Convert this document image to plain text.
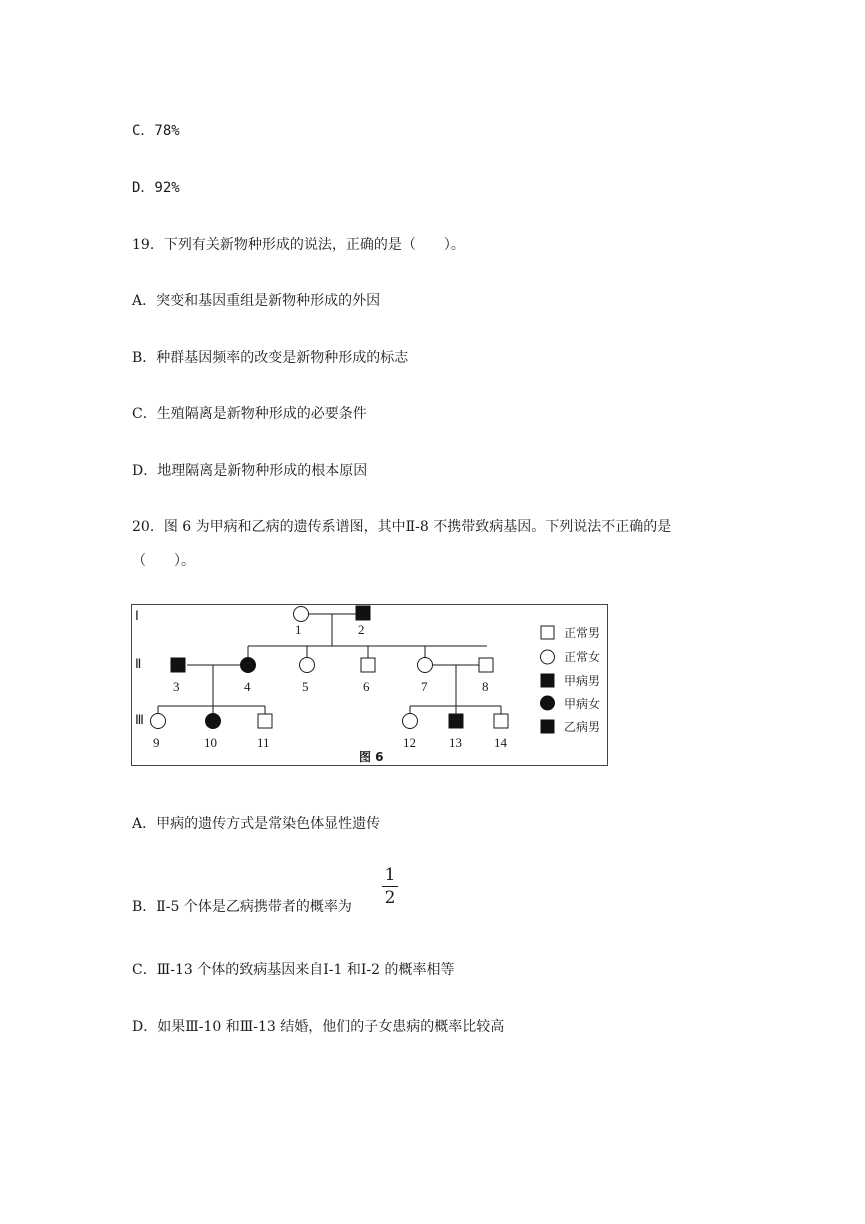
C．78%
D．92%
19．下列有关新物种形成的说法，正确的是（　　）。
A．突变和基因重组是新物种形成的外因
B．种群基因频率的改变是新物种形成的标志
C．生殖隔离是新物种形成的必要条件
D．地理隔离是新物种形成的根本原因
20．图 6 为甲病和乙病的遗传系谱图，其中Ⅱ-8 不携带致病基因。下列说法不正确的是
（　　）。
Ⅰ
Ⅱ
Ⅲ
1	2
3	4	5	6	7	8
9	10	11	12	13 14
正常男
正常女
甲病男
甲病女
乙病男
图 6
A．甲病的遗传方式是常染色体显性遗传
B．Ⅱ-5 个体是乙病携带者的概率为
1
2
C．Ⅲ-13 个体的致病基因来自Ⅰ-1 和Ⅰ-2 的概率相等
D．如果Ⅲ-10 和Ⅲ-13 结婚，他们的子女患病的概率比较高
